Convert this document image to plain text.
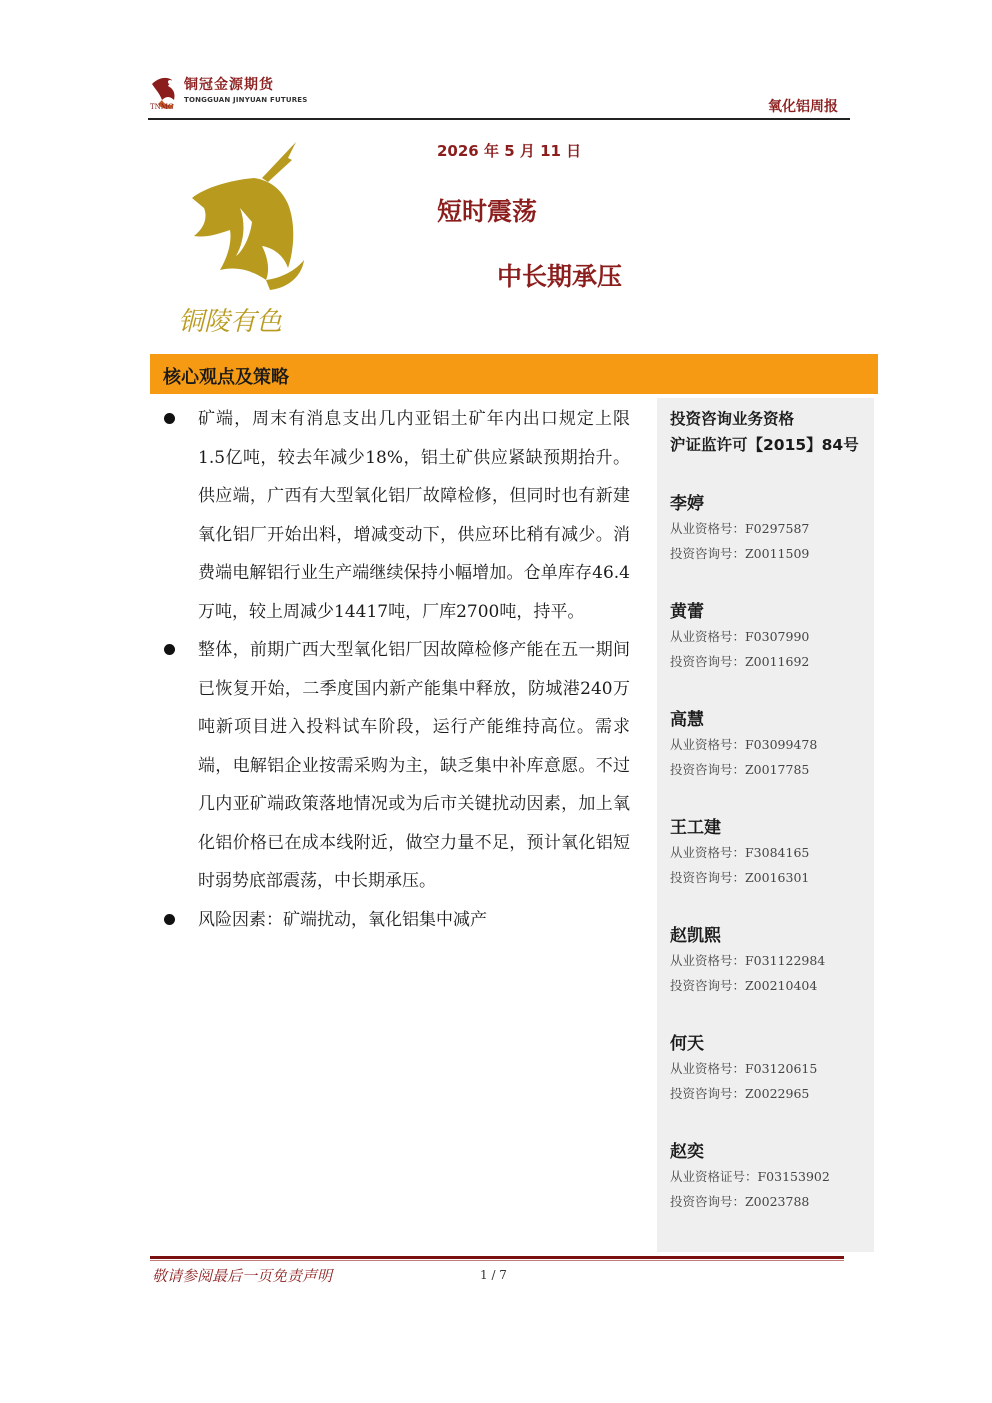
TNMG
铜冠金源期货
TONGGUAN JINYUAN FUTURES	氧化铝周报
铜陵有色
2026 年 5 月 11 日
短时震荡
中长期承压
核心观点及策略

矿端，周末有消息支出几内亚铝土矿年内出口规定上限1.5亿吨，较去年减少18%，铝土矿供应紧缺预期抬升。供应端，广西有大型氧化铝厂故障检修，但同时也有新建氧化铝厂开始出料，增减变动下，供应环比稍有减少。消费端电解铝行业生产端继续保持小幅增加。仓单库存46.4万吨，较上周减少14417吨，厂库2700吨，持平。

整体，前期广西大型氧化铝厂因故障检修产能在五一期间已恢复开始，二季度国内新产能集中释放，防城港240万吨新项目进入投料试车阶段，运行产能维持高位。需求端，电解铝企业按需采购为主，缺乏集中补库意愿。不过几内亚矿端政策落地情况或为后市关键扰动因素，加上氧化铝价格已在成本线附近，做空力量不足，预计氧化铝短时弱势底部震荡，中长期承压。

风险因素：矿端扰动，氧化铝集中减产

投资咨询业务资格
沪证监许可【2015】84号
李婷
从业资格号：F0297587
投资咨询号：Z0011509
黄蕾
从业资格号：F0307990
投资咨询号：Z0011692
高慧
从业资格号：F03099478
投资咨询号：Z0017785
王工建
从业资格号：F3084165
投资咨询号：Z0016301
赵凯熙
从业资格号：F031122984
投资咨询号：Z00210404
何天
从业资格号：F03120615
投资咨询号：Z0022965
赵奕
从业资格证号：F03153902
投资咨询号：Z0023788
敬请参阅最后一页免责声明	1 / 7
